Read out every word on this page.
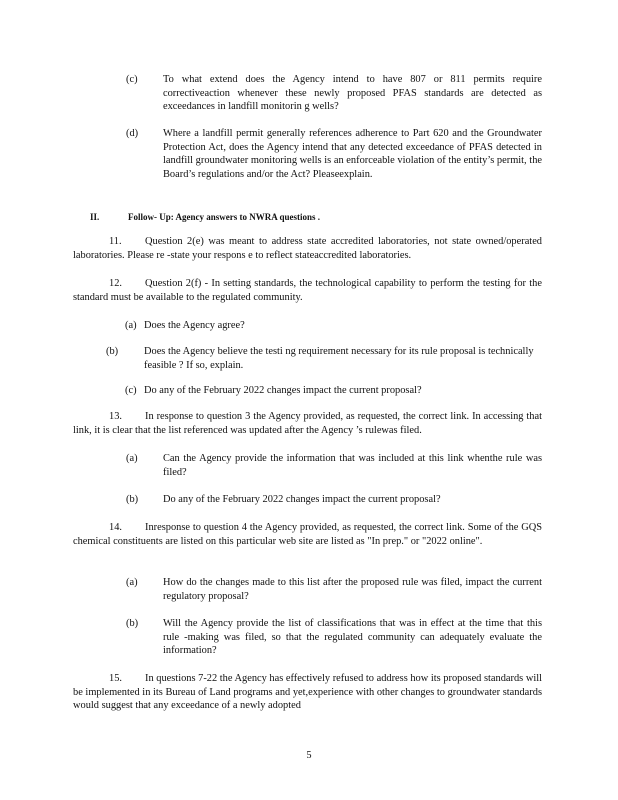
(c) To what extend does the Agency intend to have 807 or 811 permits require correctiveaction whenever these newly proposed PFAS standards are detected as exceedances in landfill monitorin g wells?
(d) Where a landfill permit generally references adherence to Part 620 and the Groundwater Protection Act, does the Agency intend that any detected exceedance of PFAS detected in landfill groundwater monitoring wells is an enforceable violation of the entity’s permit, the Board’s regulations and/or the Act? Pleaseexplain.
II.	Follow- Up: Agency answers to NWRA questions .
11. Question 2(e) was meant to address state accredited laboratories, not state owned/operated laboratories. Please re -state your respons e to reflect stateaccredited laboratories.
12. Question 2(f) - In setting standards, the technological capability to perform the testing for the standard must be available to the regulated community.
(a) Does the Agency agree?
(b) Does the Agency believe the testi ng requirement necessary for its rule proposal is technically feasible ? If so, explain.
(c) Do any of the February 2022 changes impact the current proposal?
13. In response to question 3 the Agency provided, as requested, the correct link. In accessing that link, it is clear that the list referenced was updated after the Agency ’s rulewas filed.
(a) Can the Agency provide the information that was included at this link whenthe rule was filed?
(b) Do any of the February 2022 changes impact the current proposal?
14. Inresponse to question 4 the Agency provided, as requested, the correct link. Some of the GQS chemical constituents are listed on this particular web site are listed as "In prep." or "2022 online".
(a) How do the changes made to this list after the proposed rule was filed, impact the current regulatory proposal?
(b) Will the Agency provide the list of classifications that was in effect at the time that this rule -making was filed, so that the regulated community can adequately evaluate the information?
15. In questions 7-22 the Agency has effectively refused to address how its proposed standards will be implemented in its Bureau of Land programs and yet,experience with other changes to groundwater standards would suggest that any exceedance of a newly adopted
5
